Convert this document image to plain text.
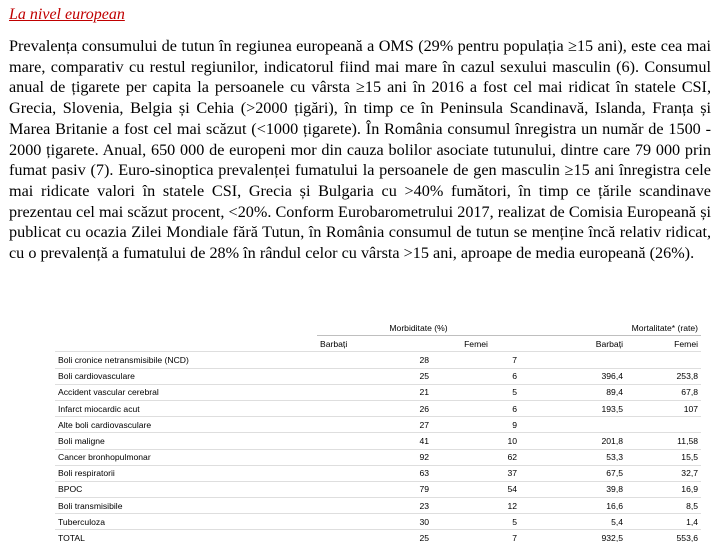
La nivel european

Prevalența consumului de tutun în regiunea europeană a OMS (29% pentru populația ≥15 ani), este cea mai mare, comparativ cu restul regiunilor, indicatorul fiind mai mare în cazul sexului masculin (6). Consumul anual de țigarete per capita la persoanele cu vârsta ≥15 ani în 2016 a fost cel mai ridicat în statele CSI, Grecia, Slovenia, Belgia și Cehia (>2000 țigări), în timp ce în Peninsula Scandinavă, Islanda, Franța și Marea Britanie a fost cel mai scăzut (<1000 țigarete). În România consumul înregistra un număr de 1500 - 2000 țigarete. Anual, 650 000 de europeni mor din cauza bolilor asociate tutunului, dintre care 79 000 prin fumat pasiv (7). Euro-sinoptica prevalenței fumatului la persoanele de gen masculin ≥15 ani înregistra cele mai ridicate valori în statele CSI, Grecia și Bulgaria cu >40% fumători, în timp ce țările scandinave prezentau cel mai scăzut procent, <20%. Conform Eurobarometrului 2017, realizat de Comisia Europeană și publicat cu ocazia Zilei Mondiale fără Tutun, în România consumul de tutun se menține încă relativ ridicat, cu o prevalență a fumatului de 28% în rândul celor cu vârsta >15 ani, aproape de media europeană (26%).

	Morbiditate (%)		Mortalitate* (rate)	
	Barbați	Femei	Barbați	Femei
Boli cronice netransmisibile (NCD)	28	7		
Boli cardiovasculare	25	6	396,4	253,8
Accident vascular cerebral	21	5	89,4	67,8
Infarct miocardic acut	26	6	193,5	107
Alte boli cardiovasculare	27	9		
Boli maligne	41	10	201,8	11,58
Cancer bronhopulmonar	92	62	53,3	15,5
Boli respiratorii	63	37	67,5	32,7
BPOC	79	54	39,8	16,9
Boli transmisibile	23	12	16,6	8,5
Tuberculoza	30	5	5,4	1,4
TOTAL	25	7	932,5	553,6
